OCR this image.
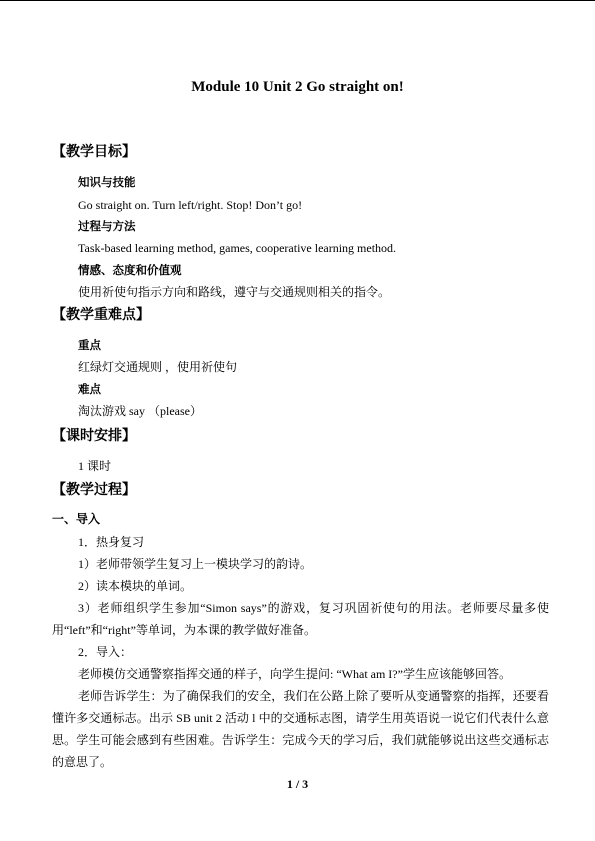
Module 10 Unit 2 Go straight on!
【教学目标】
知识与技能
Go straight on. Turn left/right. Stop! Don’t go!
过程与方法
Task-based learning method, games, cooperative learning method.
情感、态度和价值观
使用祈使句指示方向和路线，遵守与交通规则相关的指令。
【教学重难点】
重点
红绿灯交通规则 ，使用祈使句
难点
淘汰游戏 say （please）
【课时安排】
1 课时
【教学过程】
一、导入
1．热身复习
1）老师带领学生复习上一模块学习的韵诗。
2）读本模块的单词。
3）老师组织学生参加“Simon says”的游戏，复习巩固祈使句的用法。老师要尽量多使用“left”和“right”等单词，为本课的教学做好准备。
2．导入：
老师模仿交通警察指挥交通的样子，向学生提问: “What am I?”学生应该能够回答。
老师告诉学生：为了确保我们的安全，我们在公路上除了要听从变通警察的指挥，还要看懂许多交通标志。出示 SB unit 2 活动 l 中的交通标志图，请学生用英语说一说它们代表什么意思。学生可能会感到有些困难。告诉学生：完成今天的学习后，我们就能够说出这些交通标志的意思了。
1 / 3
